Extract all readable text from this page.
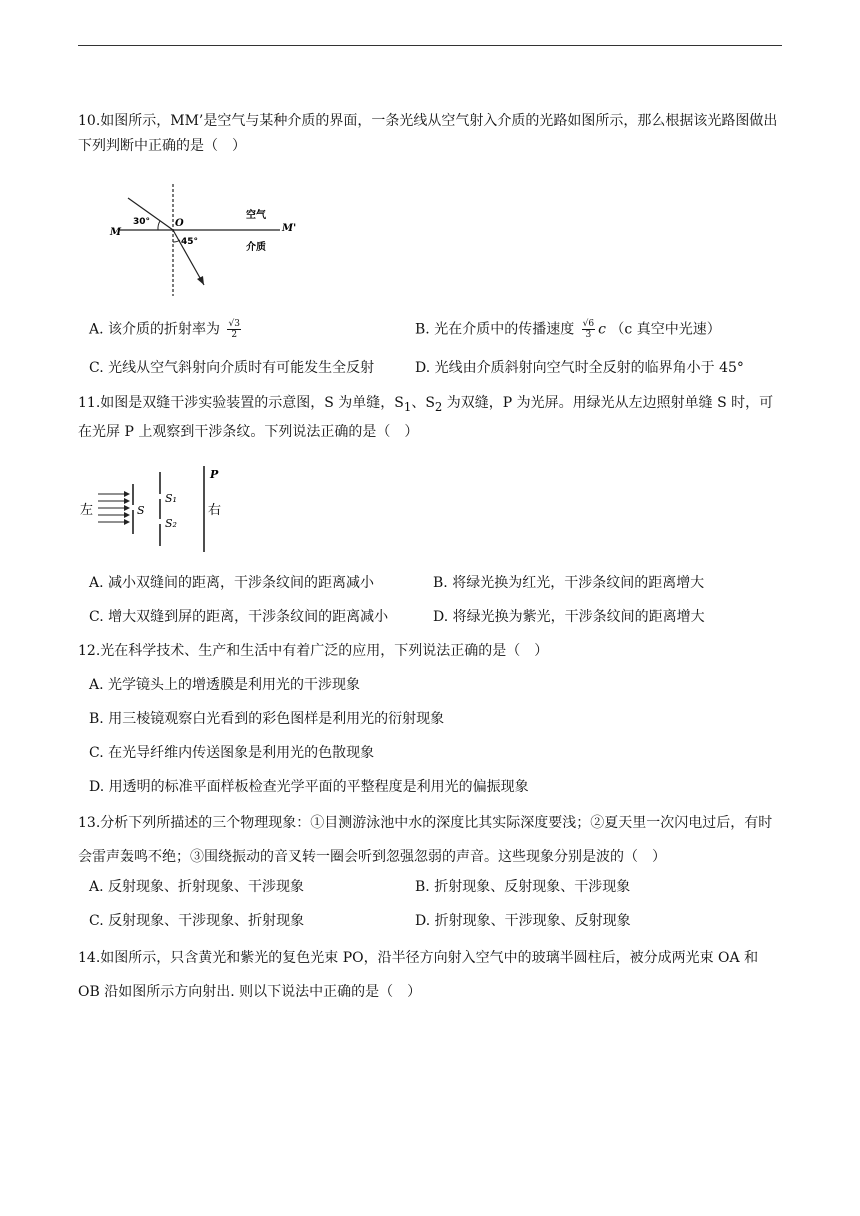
10.如图所示，MM’是空气与某种介质的界面，一条光线从空气射入介质的光路如图所示，那么根据该光路图做出下列判断中正确的是（　）

M	M'
O
30°
45°
空气
介质
A. 该介质的折射率为 $\frac{√3}{2}$	B. 光在介质中的传播速度 $\frac{√6}{3}$ c （c 真空中光速）

C. 光线从空气斜射向介质时有可能发生全反射	D. 光线由介质斜射向空气时全反射的临界角小于 45°

11.如图是双缝干涉实验装置的示意图，S 为单缝，$S_1$、$S_2$ 为双缝，P 为光屏。用绿光从左边照射单缝 S 时，可在光屏 P 上观察到干涉条纹。下列说法正确的是（　）

左	S
S₁
S₂
P
右

A. 减小双缝间的距离，干涉条纹间的距离减小	B. 将绿光换为红光，干涉条纹间的距离增大

C. 增大双缝到屏的距离，干涉条纹间的距离减小	D. 将绿光换为紫光，干涉条纹间的距离增大

12.光在科学技术、生产和生活中有着广泛的应用，下列说法正确的是（　）

A. 光学镜头上的增透膜是利用光的干涉现象

B. 用三棱镜观察白光看到的彩色图样是利用光的衍射现象

C. 在光导纤维内传送图象是利用光的色散现象

D. 用透明的标准平面样板检查光学平面的平整程度是利用光的偏振现象

13.分析下列所描述的三个物理现象：①目测游泳池中水的深度比其实际深度要浅；②夏天里一次闪电过后，有时会雷声轰鸣不绝；③围绕振动的音叉转一圈会听到忽强忽弱的声音。这些现象分别是波的（　）

A. 反射现象、折射现象、干涉现象	B. 折射现象、反射现象、干涉现象

C. 反射现象、干涉现象、折射现象	D. 折射现象、干涉现象、反射现象

14.如图所示，只含黄光和紫光的复色光束 PO，沿半径方向射入空气中的玻璃半圆柱后，被分成两光束 OA 和 OB 沿如图所示方向射出. 则以下说法中正确的是（　）
